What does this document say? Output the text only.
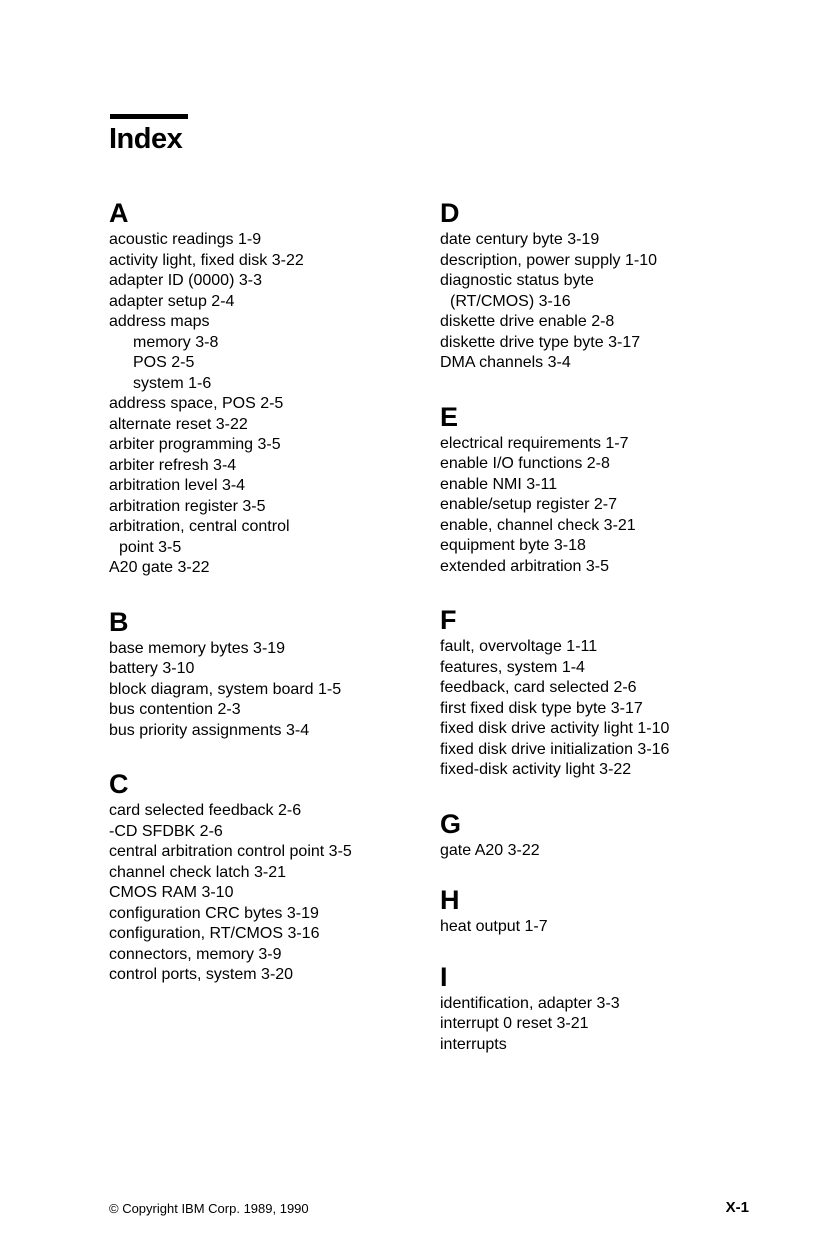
Index
A
acoustic readings 1-9
activity light, fixed disk 3-22
adapter ID (0000) 3-3
adapter setup 2-4
address maps
memory 3-8
POS 2-5
system 1-6
address space, POS 2-5
alternate reset 3-22
arbiter programming 3-5
arbiter refresh 3-4
arbitration level 3-4
arbitration register 3-5
arbitration, central control
point 3-5
A20 gate 3-22
B
base memory bytes 3-19
battery 3-10
block diagram, system board 1-5
bus contention 2-3
bus priority assignments 3-4
C
card selected feedback 2-6
-CD SFDBK 2-6
central arbitration control point 3-5
channel check latch 3-21
CMOS RAM 3-10
configuration CRC bytes 3-19
configuration, RT/CMOS 3-16
connectors, memory 3-9
control ports, system 3-20
D
date century byte 3-19
description, power supply 1-10
diagnostic status byte
(RT/CMOS) 3-16
diskette drive enable 2-8
diskette drive type byte 3-17
DMA channels 3-4
E
electrical requirements 1-7
enable I/O functions 2-8
enable NMI 3-11
enable/setup register 2-7
enable, channel check 3-21
equipment byte 3-18
extended arbitration 3-5
F
fault, overvoltage 1-11
features, system 1-4
feedback, card selected 2-6
first fixed disk type byte 3-17
fixed disk drive activity light 1-10
fixed disk drive initialization 3-16
fixed-disk activity light 3-22
G
gate A20 3-22
H
heat output 1-7
I
identification, adapter 3-3
interrupt 0 reset 3-21
interrupts
© Copyright IBM Corp. 1989, 1990	X-1
